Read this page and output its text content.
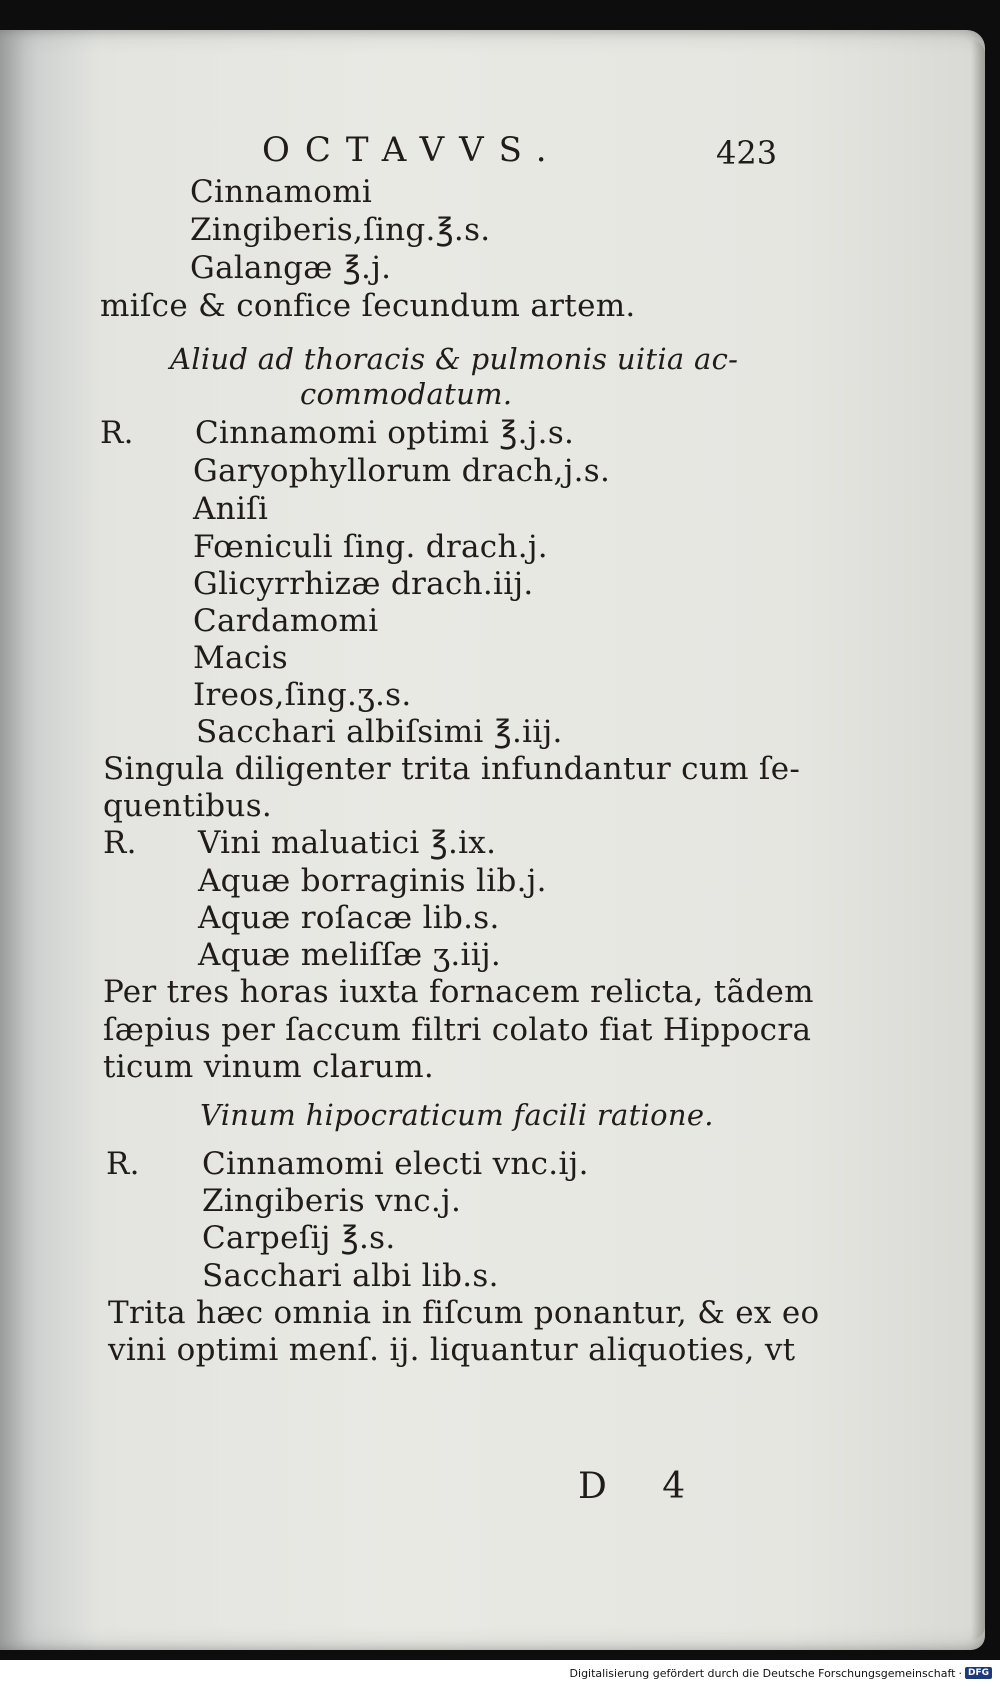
OCTAVVS.	423
Cinnamomi
Zingiberis,ſing.℥.s.
Galangæ ℥.j.
miſce & confice ſecundum artem.
Aliud ad thoracis & pulmonis uitia ac-
commodatum.
R. Cinnamomi optimi ℥.j.s.
Garyophyllorum drach,j.s.
Aniſi
Fœniculi ſing. drach.j.
Glicyrrhizæ drach.iij.
Cardamomi
Macis
Ireos,ſing.ʒ.s.
Sacchari albiſsimi ℥.iij.
Singula diligenter trita infundantur cum ſe-
quentibus.
R. Vini maluatici ℥.ix.
Aquæ borraginis lib.j.
Aquæ roſacæ lib.s.
Aquæ meliſſæ ʒ.iij.
Per tres horas iuxta fornacem relicta, tãdem
ſæpius per ſaccum filtri colato fiat Hippocra
ticum vinum clarum.
Vinum hipocraticum facili ratione.
R. Cinnamomi electi vnc.ij.
Zingiberis vnc.j.
Carpeſij ℥.s.
Sacchari albi lib.s.
Trita hæc omnia in fiſcum ponantur, & ex eo
vini optimi menſ. ij. liquantur aliquoties, vt
D 4
Digitalisierung gefördert durch die Deutsche Forschungsgemeinschaft · DFG
